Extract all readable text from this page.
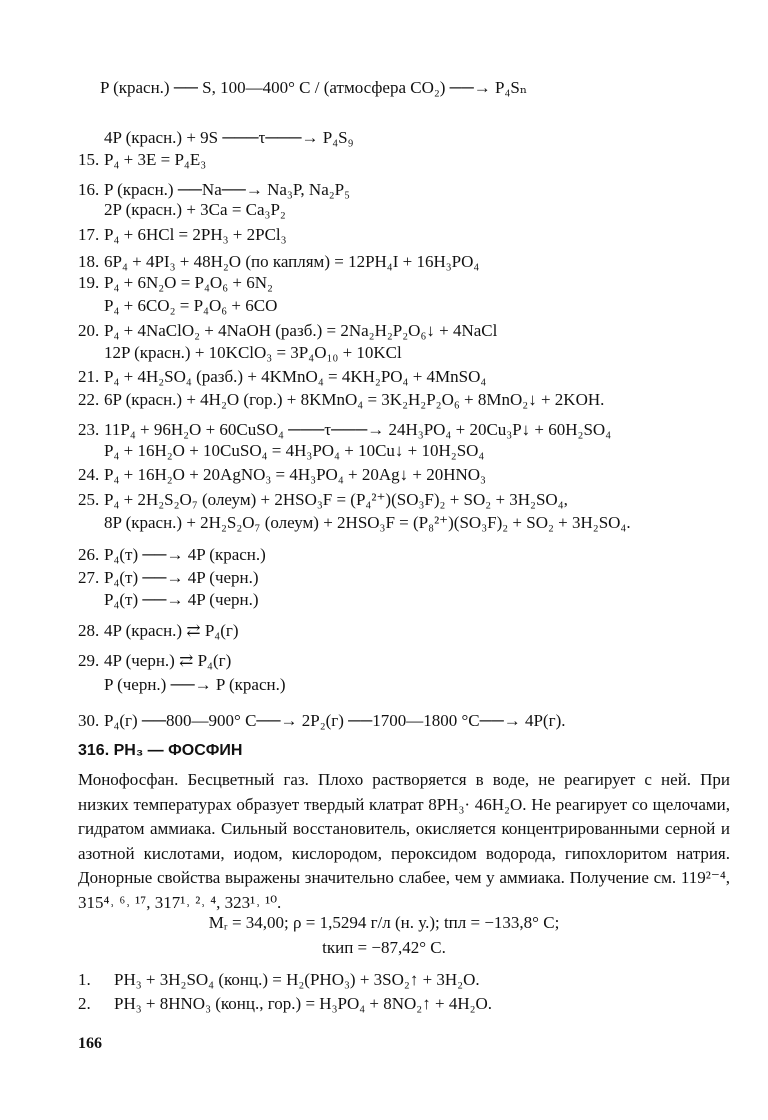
P (красн.) ── S, 100—400° C / (атмосфера CO₂) ──→ P₄Sₙ
4P (красн.) + 9S ───τ───→ P₄S₉
15. P₄ + 3E = P₄E₃
16. P (красн.) ──Na──→ Na₃P, Na₂P₅
2P (красн.) + 3Ca = Ca₃P₂
17. P₄ + 6HCl = 2PH₃ + 2PCl₃
18. 6P₄ + 4PI₃ + 48H₂O (по каплям) = 12PH₄I + 16H₃PO₄
19. P₄ + 6N₂O = P₄O₆ + 6N₂
P₄ + 6CO₂ = P₄O₆ + 6CO
20. P₄ + 4NaClO₂ + 4NaOH (разб.) = 2Na₂H₂P₂O₆↓ + 4NaCl
12P (красн.) + 10KClO₃ = 3P₄O₁₀ + 10KCl
21. P₄ + 4H₂SO₄ (разб.) + 4KMnO₄ = 4KH₂PO₄ + 4MnSO₄
22. 6P (красн.) + 4H₂O (гор.) + 8KMnO₄ = 3K₂H₂P₂O₆ + 8MnO₂↓ + 2KOH.
23. 11P₄ + 96H₂O + 60CuSO₄ ───τ───→ 24H₃PO₄ + 20Cu₃P↓ + 60H₂SO₄
P₄ + 16H₂O + 10CuSO₄ = 4H₃PO₄ + 10Cu↓ + 10H₂SO₄
24. P₄ + 16H₂O + 20AgNO₃ = 4H₃PO₄ + 20Ag↓ + 20HNO₃
25. P₄ + 2H₂S₂O₇ (олеум) + 2HSO₃F = (P₄²⁺)(SO₃F)₂ + SO₂ + 3H₂SO₄,
8P (красн.) + 2H₂S₂O₇ (олеум) + 2HSO₃F = (P₈²⁺)(SO₃F)₂ + SO₂ + 3H₂SO₄.
26. P₄(т) ──→ 4P (красн.)
27. P₄(т) ──→ 4P (черн.)
P₄(т) ──→ 4P (черн.)
28. 4P (красн.) ⇄ P₄(г)
29. 4P (черн.) ⇄ P₄(г)
P (черн.) ──→ P (красн.)
30. P₄(г) ──800—900° C──→ 2P₂(г) ──1700—1800 °C──→ 4P(г).
316. PH₃ — ФОСФИН
Монофосфан. Бесцветный газ. Плохо растворяется в воде, не реагирует с ней. При низких температурах образует твердый клатрат 8PH₃· 46H₂O. Не реагирует со щелочами, гидратом аммиака. Сильный восстановитель, окисляется концентрированными серной и азотной кислотами, иодом, кислородом, пероксидом водорода, гипохлоритом натрия. Донорные свойства выражены значительно слабее, чем у аммиака. Получение см. 119²⁻⁴, 315⁴˒ ⁶˒ ¹⁷, 317¹˒ ²˒ ⁴, 323¹˒ ¹⁰.
Mᵣ = 34,00; ρ = 1,5294 г/л (н. у.); tпл = −133,8° C;
tкип = −87,42° C.
1. PH₃ + 3H₂SO₄ (конц.) = H₂(PHO₃) + 3SO₂↑ + 3H₂O.
2. PH₃ + 8HNO₃ (конц., гор.) = H₃PO₄ + 8NO₂↑ + 4H₂O.
166
